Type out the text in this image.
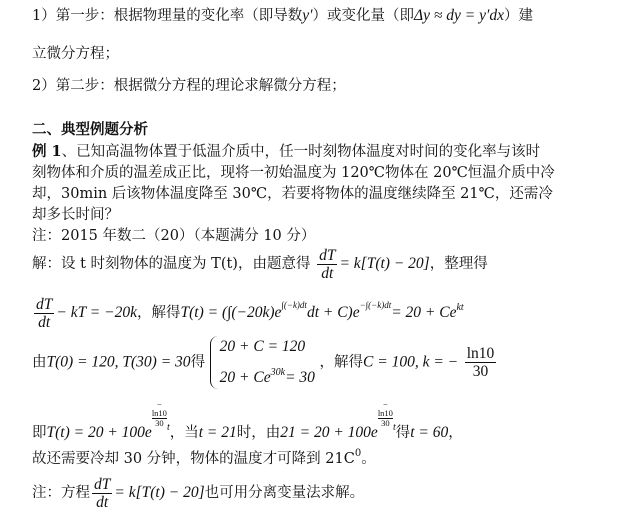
1）第一步：根据物理量的变化率（即导数y′）或变化量（即Δy ≈ dy = y′dx）建
立微分方程；
2）第二步：根据微分方程的理论求解微分方程；
二、典型例题分析
例 1、已知高温物体置于低温介质中，任一时刻物体温度对时间的变化率与该时
刻物体和介质的温差成正比，现将一初始温度为 120℃物体在 20℃恒温介质中冷
却，30min 后该物体温度降至 30℃，若要将物体的温度继续降至 21℃，还需冷
却多长时间？
注：2015 年数二（20）（本题满分 10 分）
解：设 t 时刻物体的温度为 T(t)，由题意得 $\frac{dT}{dt} = k[T(t) - 20]$，整理得
$\frac{dT}{dt}$ − kT = −20k，解得T(t) = (∫(−20k)e∫(−k)dtdt + $C)e-\int(-k)dt= 20 + Ce^{kt}$
由T(0) = 120, T(30) = 30得
20 + C = 120
$20 + Ce^{30k}= 30$
，解得C = 100, k = − $\frac{\ln 10}{30}$
即T(t) = 20 + 100e
−
ln10
30 $^t$，当t = 21时，由21 = 20 + 100e
−
ln10
30 $^t$得t = 60，
故还需要冷却 30 分钟，物体的温度才可降到 $21C^0$。
注：方程 $\frac{dT}{dt} = k[T(t) - 20]$也可用分离变量法求解。
